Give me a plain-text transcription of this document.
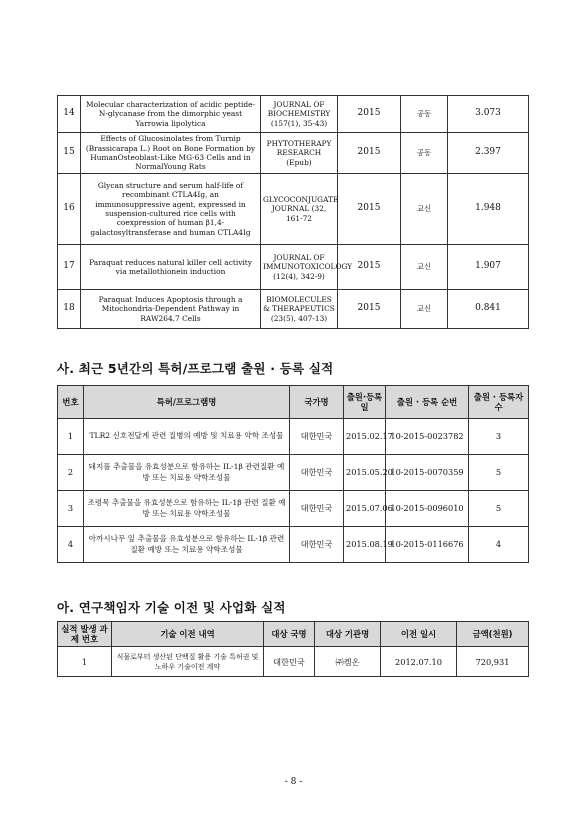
14	Molecular characterization of acidic peptide-N-glycanase from the dimorphic yeast Yarrowia lipolytica	JOURNAL OF BIOCHEMISTRY (157(1), 35-43)	2015	공동	3.073
15	Effects of Glucosinolates from Turnip (Brassicarapa L.) Root on Bone Formation by HumanOsteoblast-Like MG-63 Cells and in NormalYoung Rats	PHYTOTHERAPY RESEARCH (Epub)	2015	공동	2.397
16	Glycan structure and serum half-life of recombinant CTLA4Ig, an immunosuppressive agent, expressed in suspension-cultured rice cells with coexpression of human β1,4-galactosyltransferase and human CTLA4Ig	GLYCOCONJUGATE JOURNAL (32, 161-72	2015	교신	1.948
17	Paraquat reduces natural killer cell activity via metallothionein induction	JOURNAL OF IMMUNOTOXICOLOGY (12(4), 342-9)	2015	교신	1.907
18	Paraquat Induces Apoptosis through a Mitochondria-Dependent Pathway in RAW264.7 Cells	BIOMOLECULES & THERAPEUTICS (23(5), 407-13)	2015	교신	0.841
사. 최근 5년간의 특허/프로그램 출원 · 등록 실적
번호	특허/프로그램명	국가명	출원·등록일	출원 · 등록 순번	출원 · 등록자 수
1	TLR2 신호전달계 관련 질병의 예방 및 치료용 약학 조성물	대한민국	2015.02.17	10-2015-0023782	3
2	돼지풀 추출물을 유효성분으로 함유하는 IL-1β 관련질환 예방 또는 치료용 약학조성물	대한민국	2015.05.20	10-2015-0070359	5
3	조령목 추출물을 유효성분으로 함유하는 IL-1β 관련 질환 예방 또는 치료용 약학조성물	대한민국	2015.07.06	10-2015-0096010	5
4	아까시나무 잎 추출물을 유효성분으로 함유하는 IL-1β 관련 질환 예방 또는 치료용 약학조성물	대한민국	2015.08.19	10-2015-0116676	4
아. 연구책임자 기술 이전 및 사업화 실적
실적 발생 과제 번호	기술 이전 내역	대상 국명	대상 기관명	이전 일시	금액(천원)
1	식물로부터 생산된 단백질 활용 기술 특허권 및 노하우 기술이전 계약	대한민국	㈜켐온	2012.07.10	720,931
- 8 -
